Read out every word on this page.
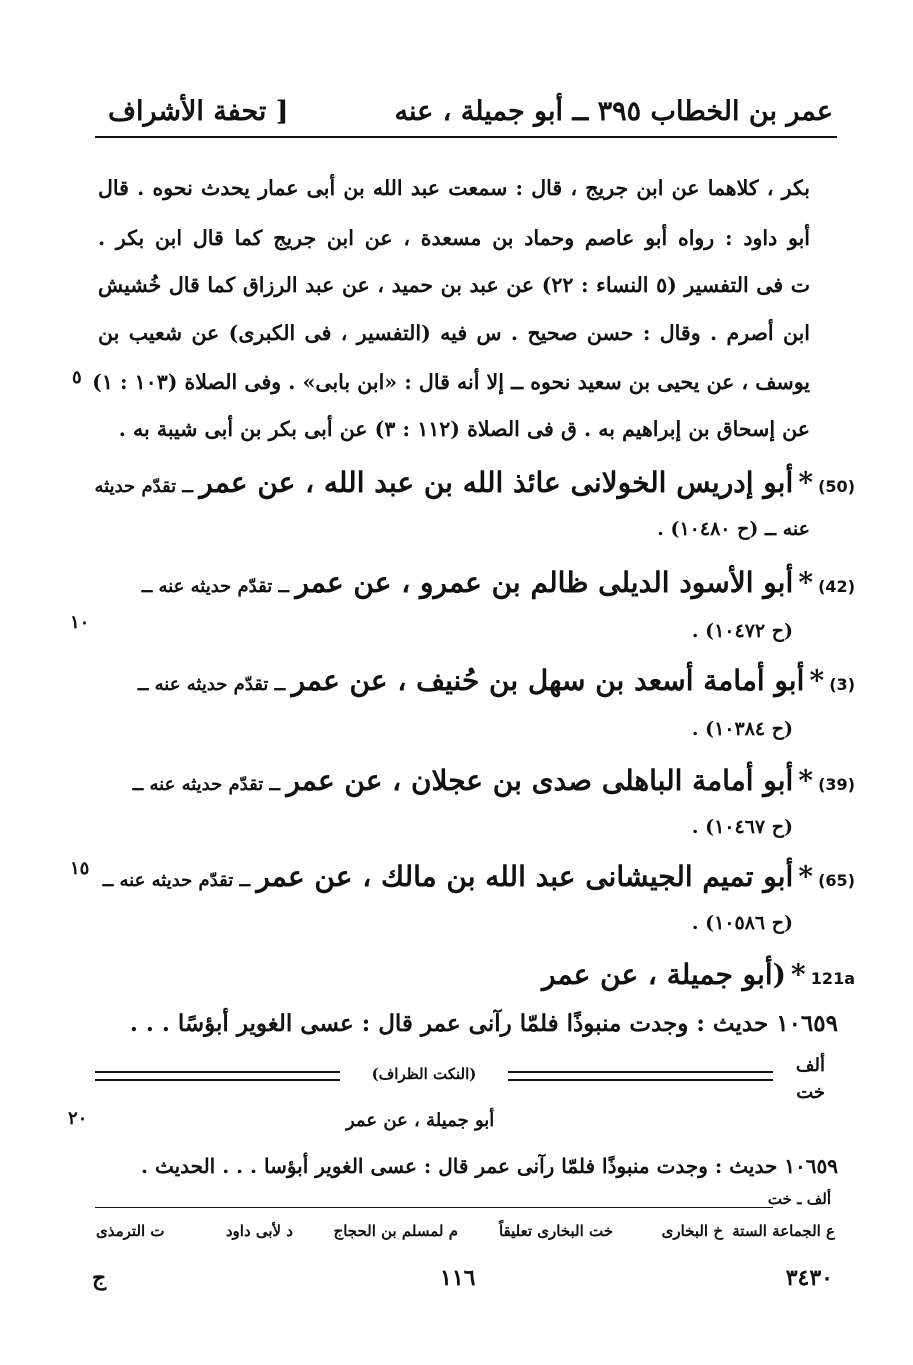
عمر بن الخطاب ٣٩٥ ــ أبو جميلة ، عنه
[ تحفة الأشراف
بكر ، كلاهما عن ابن جريج ، قال : سمعت عبد الله بن أبى عمار يحدث نحوه . قال
أبو داود : رواه أبو عاصم وحماد بن مسعدة ، عن ابن جريج كما قال ابن بكر .
ت فى التفسير (٥ النساء : ٢٢) عن عبد بن حميد ، عن عبد الرزاق كما قال خُشيش
ابن أصرم . وقال : حسن صحيح . س فيه (التفسير ، فى الكبرى) عن شعيب بن
يوسف ، عن يحيى بن سعيد نحوه ــ إلا أنه قال : «ابن بابى» . وفى الصلاة (١٠٣ : ١)
عن إسحاق بن إبراهيم به . ق فى الصلاة (١١٢ : ٣) عن أبى بكر بن أبى شيبة به .
٥
(50) * أبو إدريس الخولانى عائذ الله بن عبد الله ، عن عمر ــ تقدّم حديثه
عنه ــ (ح ١٠٤٨٠) .
(42) * أبو الأسود الديلى ظالم بن عمرو ، عن عمر ــ تقدّم حديثه عنه ــ
١٠	(ح ١٠٤٧٢) .
(3) * أبو أمامة أسعد بن سهل بن حُنيف ، عن عمر ــ تقدّم حديثه عنه ــ
(ح ١٠٣٨٤) .
(39) * أبو أمامة الباهلى صدى بن عجلان ، عن عمر ــ تقدّم حديثه عنه ــ
(ح ١٠٤٦٧) .
(65) * أبو تميم الجيشانى عبد الله بن مالك ، عن عمر ــ تقدّم حديثه عنه ــ
١٥
(ح ١٠٥٨٦) .
121a * (أبو جميلة ، عن عمر
١٠٦٥٩ حديث : وجدت منبوذًا فلمّا رآنى عمر قال : عسى الغوير أبؤسًا . . .
ألف
خت
(النكت الظراف)
٢٠	أبو جميلة ، عن عمر
١٠٦٥٩ حديث : وجدت منبوذًا فلمّا رآنى عمر قال : عسى الغوير أبؤسا . . . الحديث .
ألف ـ خت
ع الجماعة الستة
خ البخارى
خت البخارى تعليقاً
م لمسلم بن الحجاج
د لأبى داود
ت الترمذى
٣٤٣٠
١١٦
ج
